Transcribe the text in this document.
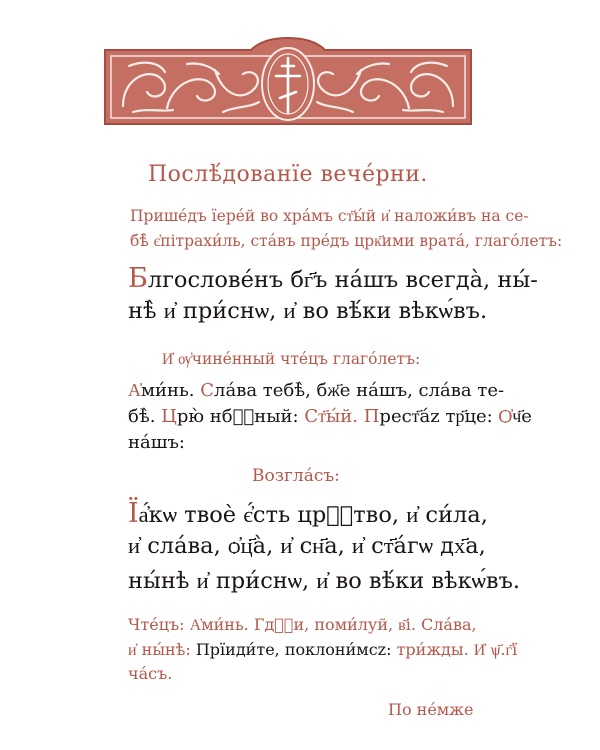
Послѣ́дованїе вече́рни.
Прише́дъ їере́й во хра́мъ ст҃ы́й и҆ наложи́въ на се-
бѣ̀ є҆пітрахи́ль, ста́въ пре́дъ црк҃ими врата́, глаго́летъ:
Блгослове́нъ бг҃ъ на́шъ всегда̀, ны́-
нѣ̀ и҆ при́снѡ, и҆ во вѣ́ки вѣкѡ́въ.
И҆ ѹ҆чине́нный чте́цъ глаго́летъ:
А҆ми́нь. Сла́ва тебѣ̀, бж҃е на́шъ, сла́ва те-
бѣ̀. Црю̀ нбⷭ҇ный: Ст҃ы́й. Прест҃а́z тр҃це: Ѻ҆ч҃е
на́шъ:
Возгла́съ:
Їа҆́кѡ твоѐ є҆́сть црⷭ҇тво, и҆ си́ла,
и҆ сла́ва, ѻ҆ц҃а̀, и҆ сн҃а, и҆ ст҃а́гѡ дх҃а,
ны́нѣ и҆ при́снѡ, и҆ во вѣ́ки вѣкѡ́въ.
Чте́цъ: А҆ми́нь. Гдⷭ҇и, поми́луй, в҃і. Сла́ва,
и҆ ны́нѣ: Прїиди́те, поклони́мсz: три́жды. И҆ ѱ҃.г҃ї
ча́съ.
По не́мже
